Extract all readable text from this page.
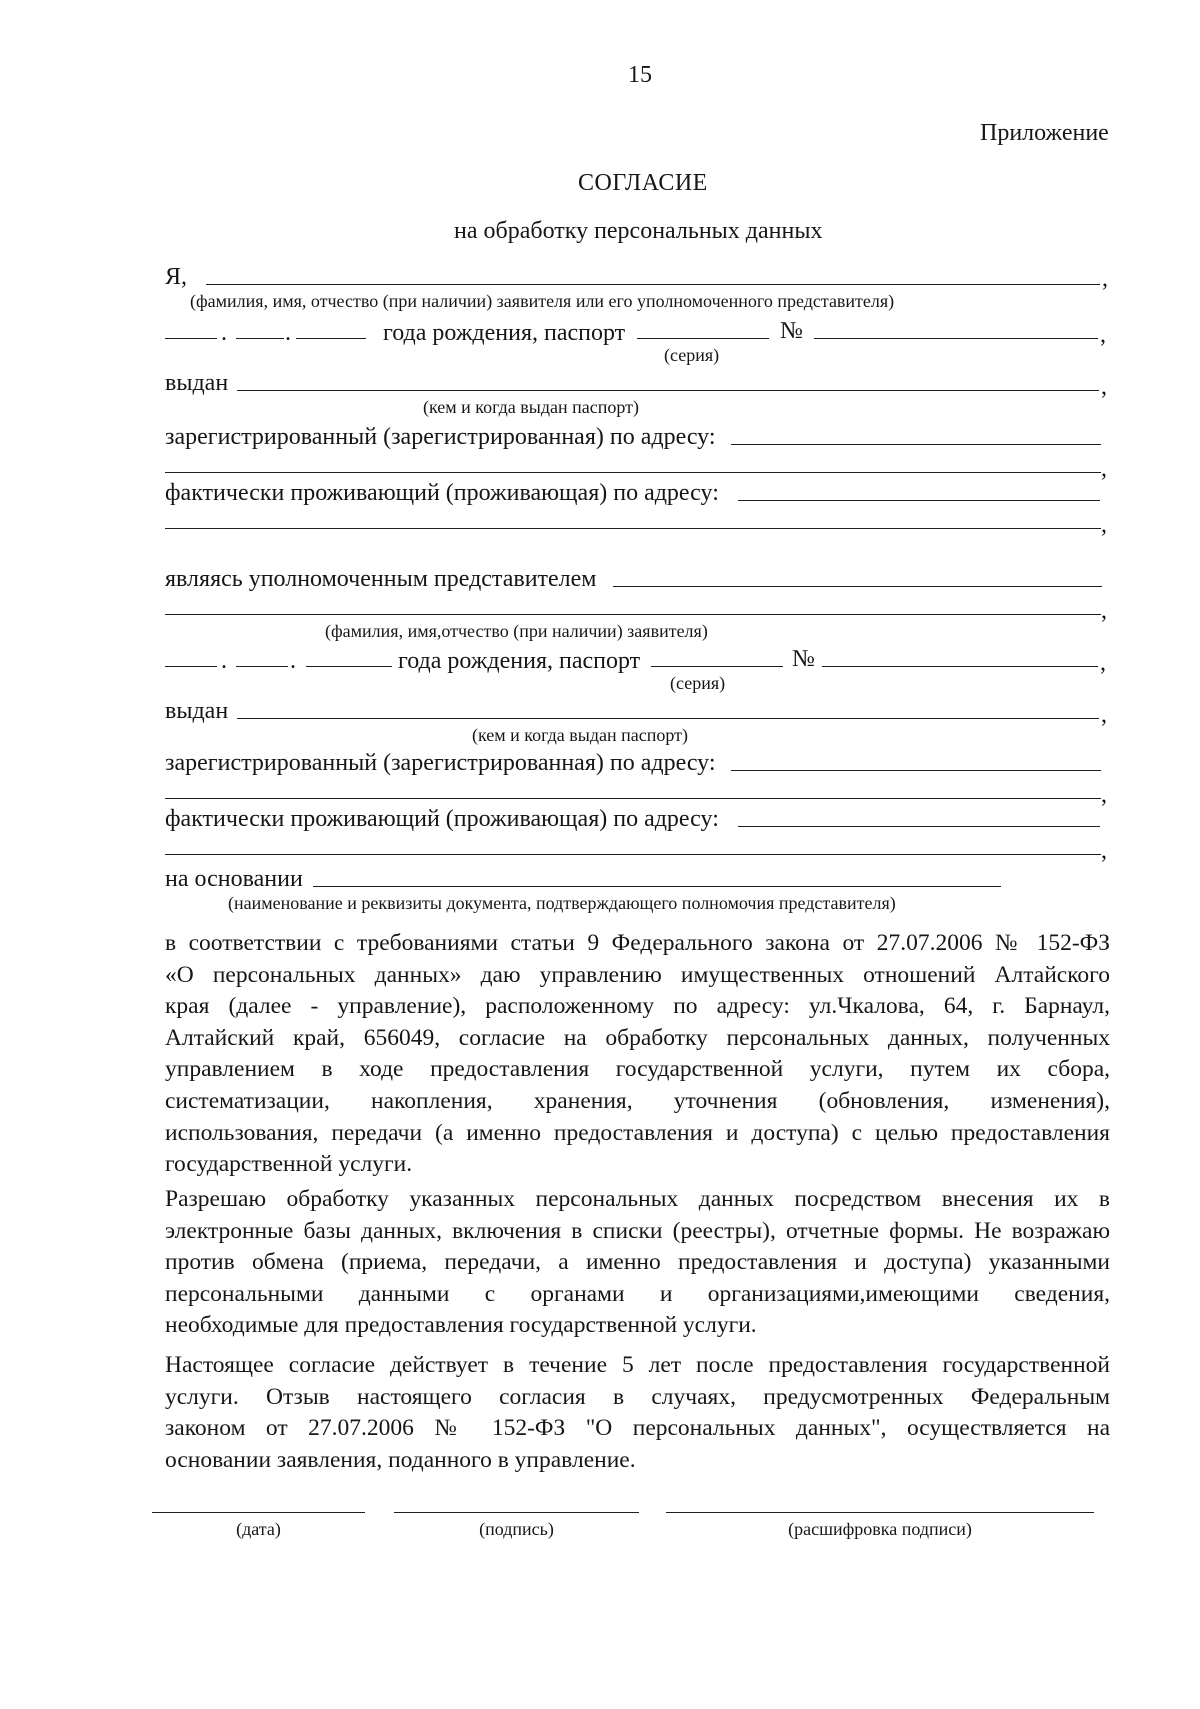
15
Приложение
СОГЛАСИЕ
на обработку персональных данных
Я,	,
(фамилия, имя, отчество (при наличии) заявителя или его уполномоченного представителя)
. .	года рождения, паспорт	№	,
(серия)
выдан	,
(кем и когда выдан паспорт)
зарегистрированный (зарегистрированная) по адресу:
,
фактически проживающий (проживающая) по адресу:
,
являясь уполномоченным представителем
,
(фамилия, имя,отчество (при наличии) заявителя)
.	.	года рождения, паспорт	№	,
(серия)
выдан	,
(кем и когда выдан паспорт)
зарегистрированный (зарегистрированная) по адресу:
,
фактически проживающий (проживающая) по адресу:
,
на основании
(наименование и реквизиты документа, подтверждающего полномочия представителя)
в соответствии с требованиями статьи 9 Федерального закона от 27.07.2006 № 152-ФЗ
«О персональных данных» даю управлению имущественных отношений Алтайского
края (далее - управление), расположенному по адресу: ул.Чкалова, 64, г. Барнаул,
Алтайский край, 656049, согласие на обработку персональных данных, полученных
управлением в ходе предоставления государственной услуги, путем их сбора,
систематизации, накопления, хранения, уточнения (обновления, изменения),
использования, передачи (а именно предоставления и доступа) с целью предоставления
государственной услуги.
Разрешаю обработку указанных персональных данных посредством внесения их в
электронные базы данных, включения в списки (реестры), отчетные формы. Не возражаю
против обмена (приема, передачи, а именно предоставления и доступа) указанными
персональными данными с органами и организациями,имеющими сведения,
необходимые для предоставления государственной услуги.
Настоящее согласие действует в течение 5 лет после предоставления государственной
услуги. Отзыв настоящего согласия в случаях, предусмотренных Федеральным
законом от 27.07.2006 № 152-ФЗ "О персональных данных", осуществляется на
основании заявления, поданного в управление.
(дата)	(подпись)	(расшифровка подписи)
